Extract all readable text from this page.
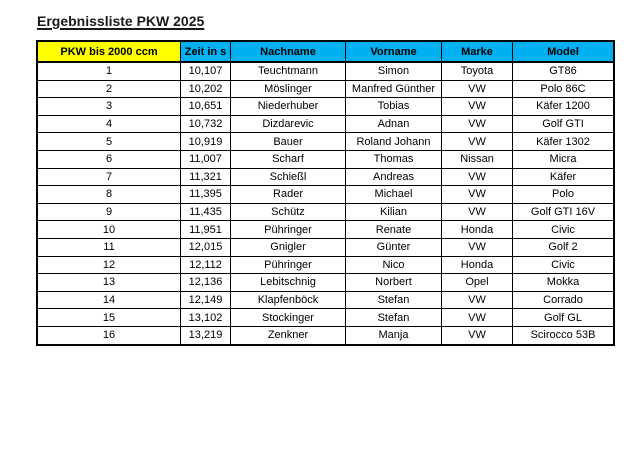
Ergebnissliste PKW 2025
PKW bis 2000 ccm	Zeit in s	Nachname	Vorname	Marke	Model
1	10,107	Teuchtmann	Simon	Toyota	GT86
2	10,202	Möslinger	Manfred Günther	VW	Polo 86C
3	10,651	Niederhuber	Tobias	VW	Käfer 1200
4	10,732	Dizdarevic	Adnan	VW	Golf GTI
5	10,919	Bauer	Roland Johann	VW	Käfer 1302
6	11,007	Scharf	Thomas	Nissan	Micra
7	11,321	Schießl	Andreas	VW	Käfer
8	11,395	Rader	Michael	VW	Polo
9	11,435	Schütz	Kilian	VW	Golf GTI 16V
10	11,951	Pühringer	Renate	Honda	Civic
11	12,015	Gnigler	Günter	VW	Golf 2
12	12,112	Pühringer	Nico	Honda	Civic
13	12,136	Lebitschnig	Norbert	Opel	Mokka
14	12,149	Klapfenböck	Stefan	VW	Corrado
15	13,102	Stockinger	Stefan	VW	Golf GL
16	13,219	Zenkner	Manja	VW	Scirocco 53B
